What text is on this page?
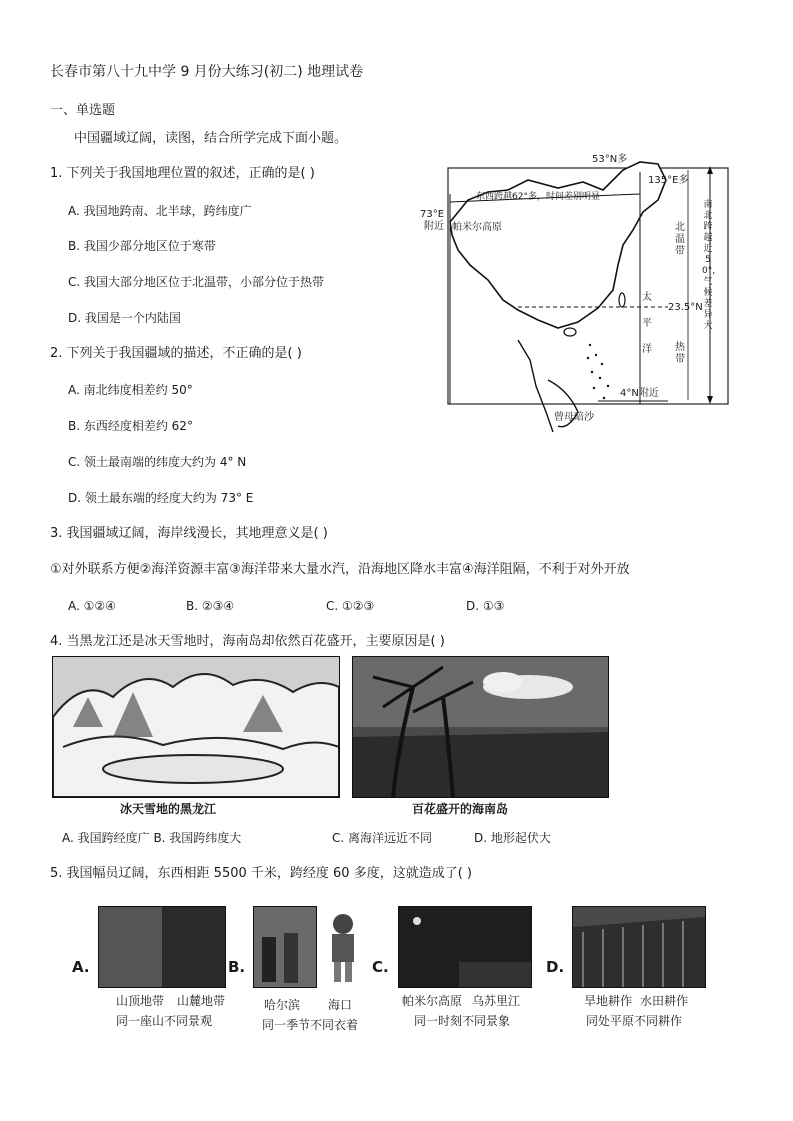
长春市第八十九中学 9 月份大练习(初二) 地理试卷
一、单选题
中国疆域辽阔，读图，结合所学完成下面小题。
1. 下列关于我国地理位置的叙述，正确的是( )
A. 我国地跨南、北半球，跨纬度广
B. 我国少部分地区位于寒带
C. 我国大部分地区位于北温带，小部分位于热带
D. 我国是一个内陆国
2. 下列关于我国疆域的描述，不正确的是( )
A. 南北纬度相差约 50°
B. 东西经度相差约 62°
C. 领土最南端的纬度大约为 4° N
D. 领土最东端的经度大约为 73° E
3. 我国疆域辽阔，海岸线漫长，其地理意义是( )
①对外联系方便②海洋资源丰富③海洋带来大量水汽，沿海地区降水丰富④海洋阻隔，不利于对外开放
A. ①②④	B. ②③④	C. ①②③	D. ①③
4. 当黑龙江还是冰天雪地时，海南岛却依然百花盛开，主要原因是( )
冰天雪地的黑龙江	百花盛开的海南岛
A. 我国跨经度广 B. 我国跨纬度大	C. 离海洋远近不同	D. 地形起伏大
5. 我国幅员辽阔，东西相距 5500 千米，跨经度 60 多度，这就造成了( )
A.
山顶地带 山麓地带
同一座山不同景观
B.
哈尔滨 海口
同一季节不同衣着
C.
帕米尔高原 乌苏里江
同一时刻不同景象
D.
旱地耕作 水田耕作
同处平原不同耕作
53°N多
135°E多
73°E
附近
东西跨越62°多，时间差别明显
帕米尔高原
23.5°N
4°N附近
曾母暗沙
北温带
热带
太平洋
南北跨越近50°，气候差异大
